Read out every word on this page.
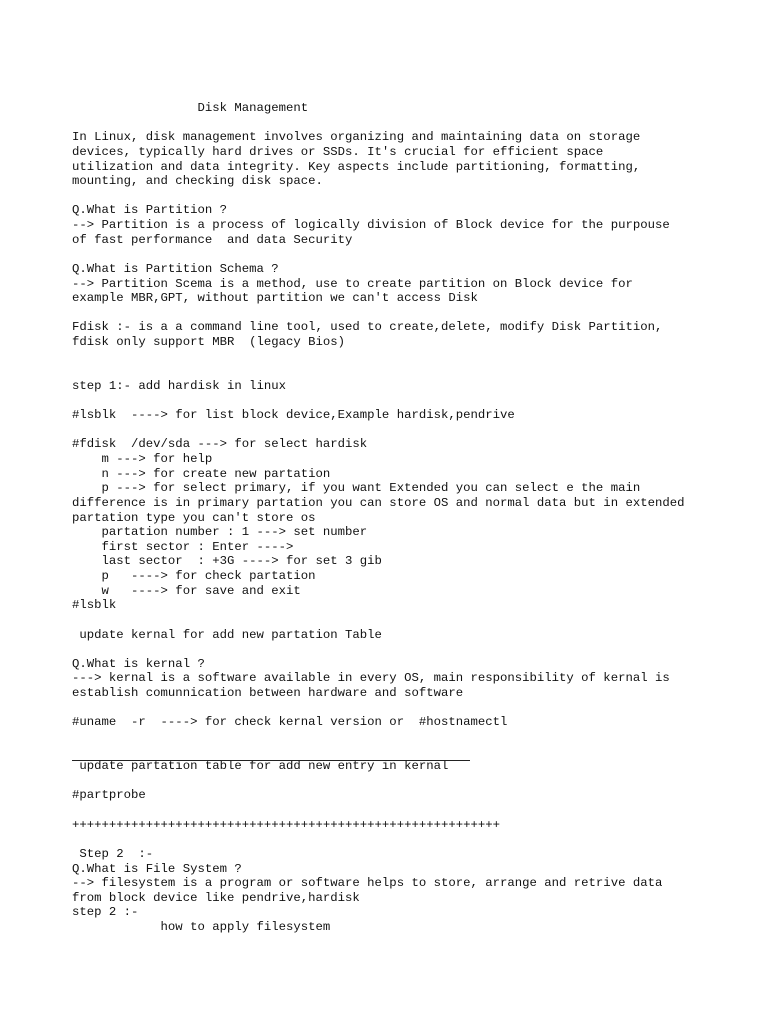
Disk Management

In Linux, disk management involves organizing and maintaining data on storage
devices, typically hard drives or SSDs. It's crucial for efficient space
utilization and data integrity. Key aspects include partitioning, formatting,
mounting, and checking disk space.

Q.What is Partition ?
--> Partition is a process of logically division of Block device for the purpouse
of fast performance  and data Security

Q.What is Partition Schema ?
--> Partition Scema is a method, use to create partition on Block device for
example MBR,GPT, without partition we can't access Disk

Fdisk :- is a a command line tool, used to create,delete, modify Disk Partition,
fdisk only support MBR  (legacy Bios)

step 1:- add hardisk in linux

#lsblk  ----> for list block device,Example hardisk,pendrive

#fdisk  /dev/sda ---> for select hardisk
m ---> for help
n ---> for create new partation
p ---> for select primary, if you want Extended you can select e the main
difference is in primary partation you can store OS and normal data but in extended
partation type you can't store os
partation number : 1 ---> set number
first sector : Enter ---->
last sector  : +3G ----> for set 3 gib
p   ----> for check partation
w   ----> for save and exit
#lsblk

update kernal for add new partation Table

Q.What is kernal ?
---> kernal is a software available in every OS, main responsibility of kernal is
establish comunnication between hardware and software

#uname  -r  ----> for check kernal version or  #hostnamectl

update partation table for add new entry in kernal

#partprobe

++++++++++++++++++++++++++++++++++++++++++++++++++++++++++

Step 2  :-
Q.What is File System ?
--> filesystem is a program or software helps to store, arrange and retrive data
from block device like pendrive,hardisk
step 2 :-
how to apply filesystem
